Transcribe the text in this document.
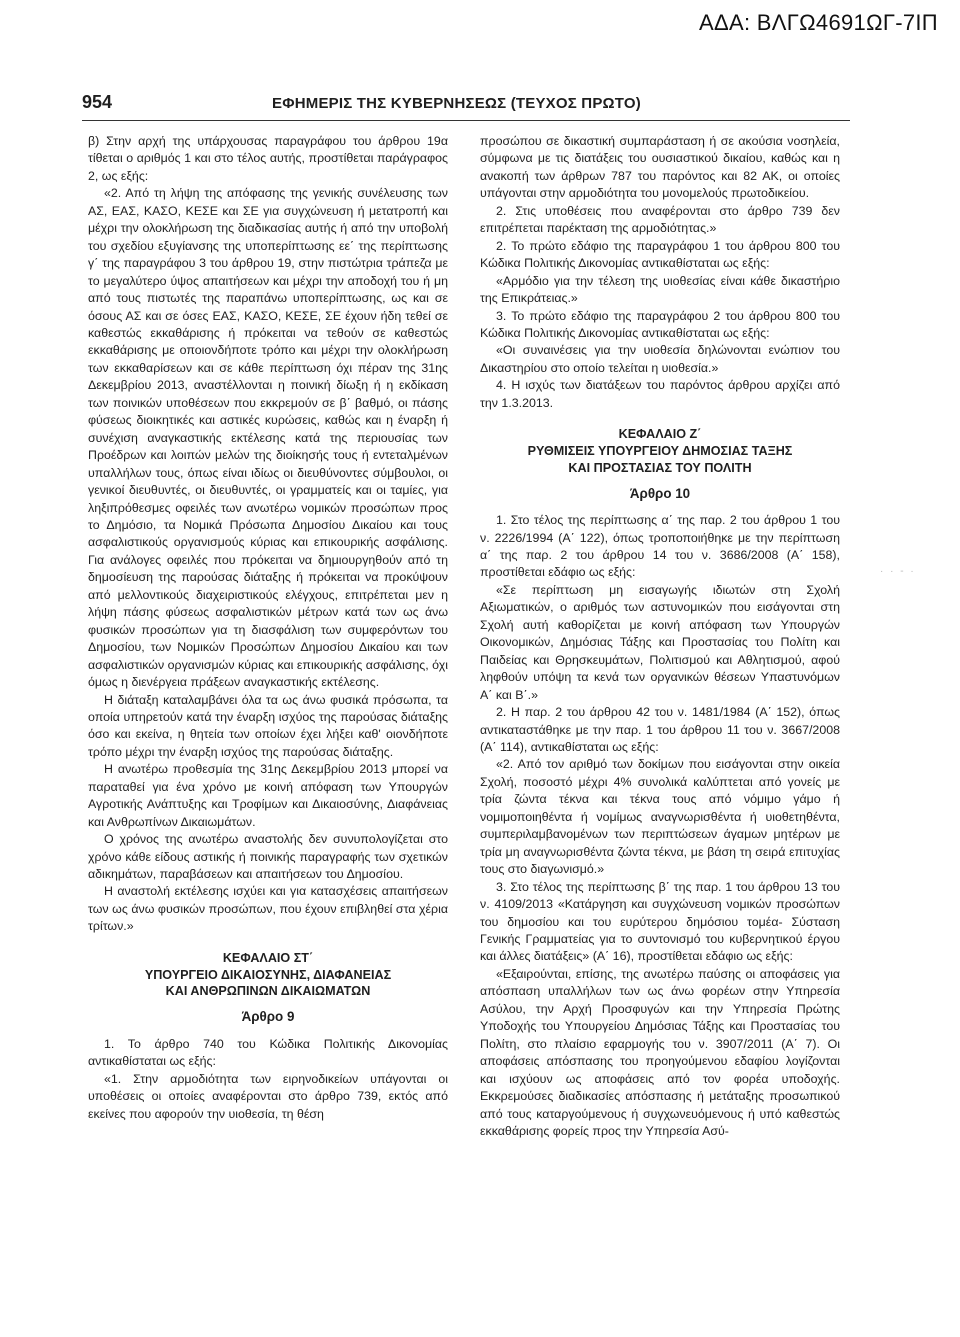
ΑΔΑ: ΒΛΓΩ4691ΩΓ-7ΙΠ
954	ΕΦΗΜΕΡΙΣ ΤΗΣ ΚΥΒΕΡΝΗΣΕΩΣ (ΤΕΥΧΟΣ ΠΡΩΤΟ)

β) Στην αρχή της υπάρχουσας παραγράφου του άρθρου 19α τίθεται ο αριθμός 1 και στο τέλος αυτής, προστίθεται παράγραφος 2, ως εξής:

«2. Από τη λήψη της απόφασης της γενικής συνέλευσης των ΑΣ, ΕΑΣ, ΚΑΣΟ, ΚΕΣΕ και ΣΕ για συγχώνευση ή μετατροπή και μέχρι την ολοκλήρωση της διαδικασίας αυτής ή από την υποβολή του σχεδίου εξυγίανσης της υποπερίπτωσης εε΄ της περίπτωσης γ΄ της παραγράφου 3 του άρθρου 19, στην πιστώτρια τράπεζα με το μεγαλύτερο ύψος απαιτήσεων και μέχρι την αποδοχή του ή μη από τους πιστωτές της παραπάνω υποπερίπτωσης, ως και σε όσους ΑΣ και σε όσες ΕΑΣ, ΚΑΣΟ, ΚΕΣΕ, ΣΕ έχουν ήδη τεθεί σε καθεστώς εκκαθάρισης ή πρόκειται να τεθούν σε καθεστώς εκκαθάρισης με οποιονδήποτε τρόπο και μέχρι την ολοκλήρωση των εκκαθαρίσεων και σε κάθε περίπτωση όχι πέραν της 31ης Δεκεμβρίου 2013, αναστέλλονται η ποινική δίωξη ή η εκδίκαση των ποινικών υποθέσεων που εκκρεμούν σε β΄ βαθμό, οι πάσης φύσεως διοικητικές και αστικές κυρώσεις, καθώς και η έναρξη ή συνέχιση αναγκαστικής εκτέλεσης κατά της περιουσίας των Προέδρων και λοιπών μελών της διοίκησής τους ή εντεταλμένων υπαλλήλων τους, όπως είναι ιδίως οι διευθύνοντες σύμβουλοι, οι γενικοί διευθυντές, οι διευθυντές, οι γραμματείς και οι ταμίες, για ληξιπρόθεσμες οφειλές των ανωτέρω νομικών προσώπων προς το Δημόσιο, τα Νομικά Πρόσωπα Δημοσίου Δικαίου και τους ασφαλιστικούς οργανισμούς κύριας και επικουρικής ασφάλισης. Για ανάλογες οφειλές που πρόκειται να δημιουργηθούν από τη δημοσίευση της παρούσας διάταξης ή πρόκειται να προκύψουν από μελλοντικούς διαχειριστικούς ελέγχους, επιτρέπεται μεν η λήψη πάσης φύσεως ασφαλιστικών μέτρων κατά των ως άνω φυσικών προσώπων για τη διασφάλιση των συμφερόντων του Δημοσίου, των Νομικών Προσώπων Δημοσίου Δικαίου και των ασφαλιστικών οργανισμών κύριας και επικουρικής ασφάλισης, όχι όμως η διενέργεια πράξεων αναγκαστικής εκτέλεσης.

Η διάταξη καταλαμβάνει όλα τα ως άνω φυσικά πρόσωπα, τα οποία υπηρετούν κατά την έναρξη ισχύος της παρούσας διάταξης όσο και εκείνα, η θητεία των οποίων έχει λήξει καθ' οιονδήποτε τρόπο μέχρι την έναρξη ισχύος της παρούσας διάταξης.

Η ανωτέρω προθεσμία της 31ης Δεκεμβρίου 2013 μπορεί να παραταθεί για ένα χρόνο με κοινή απόφαση των Υπουργών Αγροτικής Ανάπτυξης και Τροφίμων και Δικαιοσύνης, Διαφάνειας και Ανθρωπίνων Δικαιωμάτων.

Ο χρόνος της ανωτέρω αναστολής δεν συνυπολογίζεται στο χρόνο κάθε είδους αστικής ή ποινικής παραγραφής των σχετικών αδικημάτων, παραβάσεων και απαιτήσεων του Δημοσίου.

Η αναστολή εκτέλεσης ισχύει και για κατασχέσεις απαιτήσεων των ως άνω φυσικών προσώπων, που έχουν επιβληθεί στα χέρια τρίτων.»

ΚΕΦΑΛΑΙΟ ΣΤ΄
ΥΠΟΥΡΓΕΙΟ ΔΙΚΑΙΟΣΥΝΗΣ, ΔΙΑΦΑΝΕΙΑΣ
ΚΑΙ ΑΝΘΡΩΠΙΝΩΝ ΔΙΚΑΙΩΜΑΤΩΝ
Άρθρο 9

1. Το άρθρο 740 του Κώδικα Πολιτικής Δικονομίας αντικαθίσταται ως εξής:

«1. Στην αρμοδιότητα των ειρηνοδικείων υπάγονται οι υποθέσεις οι οποίες αναφέρονται στο άρθρο 739, εκτός από εκείνες που αφορούν την υιοθεσία, τη θέση

προσώπου σε δικαστική συμπαράσταση ή σε ακούσια νοσηλεία, σύμφωνα με τις διατάξεις του ουσιαστικού δικαίου, καθώς και η ανακοπή των άρθρων 787 του παρόντος και 82 ΑΚ, οι οποίες υπάγονται στην αρμοδιότητα του μονομελούς πρωτοδικείου.

2. Στις υποθέσεις που αναφέρονται στο άρθρο 739 δεν επιτρέπεται παρέκταση της αρμοδιότητας.»

2. Το πρώτο εδάφιο της παραγράφου 1 του άρθρου 800 του Κώδικα Πολιτικής Δικονομίας αντικαθίσταται ως εξής:

«Αρμόδιο για την τέλεση της υιοθεσίας είναι κάθε δικαστήριο της Επικράτειας.»

3. Το πρώτο εδάφιο της παραγράφου 2 του άρθρου 800 του Κώδικα Πολιτικής Δικονομίας αντικαθίσταται ως εξής:

«Οι συναινέσεις για την υιοθεσία δηλώνονται ενώπιον του Δικαστηρίου στο οποίο τελείται η υιοθεσία.»

4. Η ισχύς των διατάξεων του παρόντος άρθρου αρχίζει από την 1.3.2013.

ΚΕΦΑΛΑΙΟ Ζ΄
ΡΥΘΜΙΣΕΙΣ ΥΠΟΥΡΓΕΙΟΥ ΔΗΜΟΣΙΑΣ ΤΑΞΗΣ
ΚΑΙ ΠΡΟΣΤΑΣΙΑΣ ΤΟΥ ΠΟΛΙΤΗ
Άρθρο 10

1. Στο τέλος της περίπτωσης α΄ της παρ. 2 του άρθρου 1 του ν. 2226/1994 (Α΄ 122), όπως τροποποιήθηκε με την περίπτωση α΄ της παρ. 2 του άρθρου 14 του ν. 3686/2008 (Α΄ 158), προστίθεται εδάφιο ως εξής:

«Σε περίπτωση μη εισαγωγής ιδιωτών στη Σχολή Αξιωματικών, ο αριθμός των αστυνομικών που εισάγονται στη Σχολή αυτή καθορίζεται με κοινή απόφαση των Υπουργών Οικονομικών, Δημόσιας Τάξης και Προστασίας του Πολίτη και Παιδείας και Θρησκευμάτων, Πολιτισμού και Αθλητισμού, αφού ληφθούν υπόψη τα κενά των οργανικών θέσεων Υπαστυνόμων Α΄ και Β΄.»

2. Η παρ. 2 του άρθρου 42 του ν. 1481/1984 (Α΄ 152), όπως αντικαταστάθηκε με την παρ. 1 του άρθρου 11 του ν. 3667/2008 (Α΄ 114), αντικαθίσταται ως εξής:

«2. Από τον αριθμό των δοκίμων που εισάγονται στην οικεία Σχολή, ποσοστό μέχρι 4% συνολικά καλύπτεται από γονείς με τρία ζώντα τέκνα και τέκνα τους από νόμιμο γάμο ή νομιμοποιηθέντα ή νομίμως αναγνωρισθέντα ή υιοθετηθέντα, συμπεριλαμβανομένων των περιπτώσεων άγαμων μητέρων με τρία μη αναγνωρισθέντα ζώντα τέκνα, με βάση τη σειρά επιτυχίας τους στο διαγωνισμό.»

3. Στο τέλος της περίπτωσης β΄ της παρ. 1 του άρθρου 13 του ν. 4109/2013 «Κατάργηση και συγχώνευση νομικών προσώπων του δημοσίου και του ευρύτερου δημόσιου τομέα- Σύσταση Γενικής Γραμματείας για το συντονισμό του κυβερνητικού έργου και άλλες διατάξεις» (Α΄ 16), προστίθεται εδάφιο ως εξής:

«Εξαιρούνται, επίσης, της ανωτέρω παύσης οι αποφάσεις για απόσπαση υπαλλήλων των ως άνω φορέων στην Υπηρεσία Ασύλου, την Αρχή Προσφυγών και την Υπηρεσία Πρώτης Υποδοχής του Υπουργείου Δημόσιας Τάξης και Προστασίας του Πολίτη, στο πλαίσιο εφαρμογής του ν. 3907/2011 (Α΄ 7). Οι αποφάσεις απόσπασης του προηγούμενου εδαφίου λογίζονται και ισχύουν ως αποφάσεις από τον φορέα υποδοχής. Εκκρεμούσες διαδικασίες απόσπασης ή μετάταξης προσωπικού από τους καταργούμενους ή συγχωνευόμενους ή υπό καθεστώς εκκαθάρισης φορείς προς την Υπηρεσία Ασύ-

· · - ·
